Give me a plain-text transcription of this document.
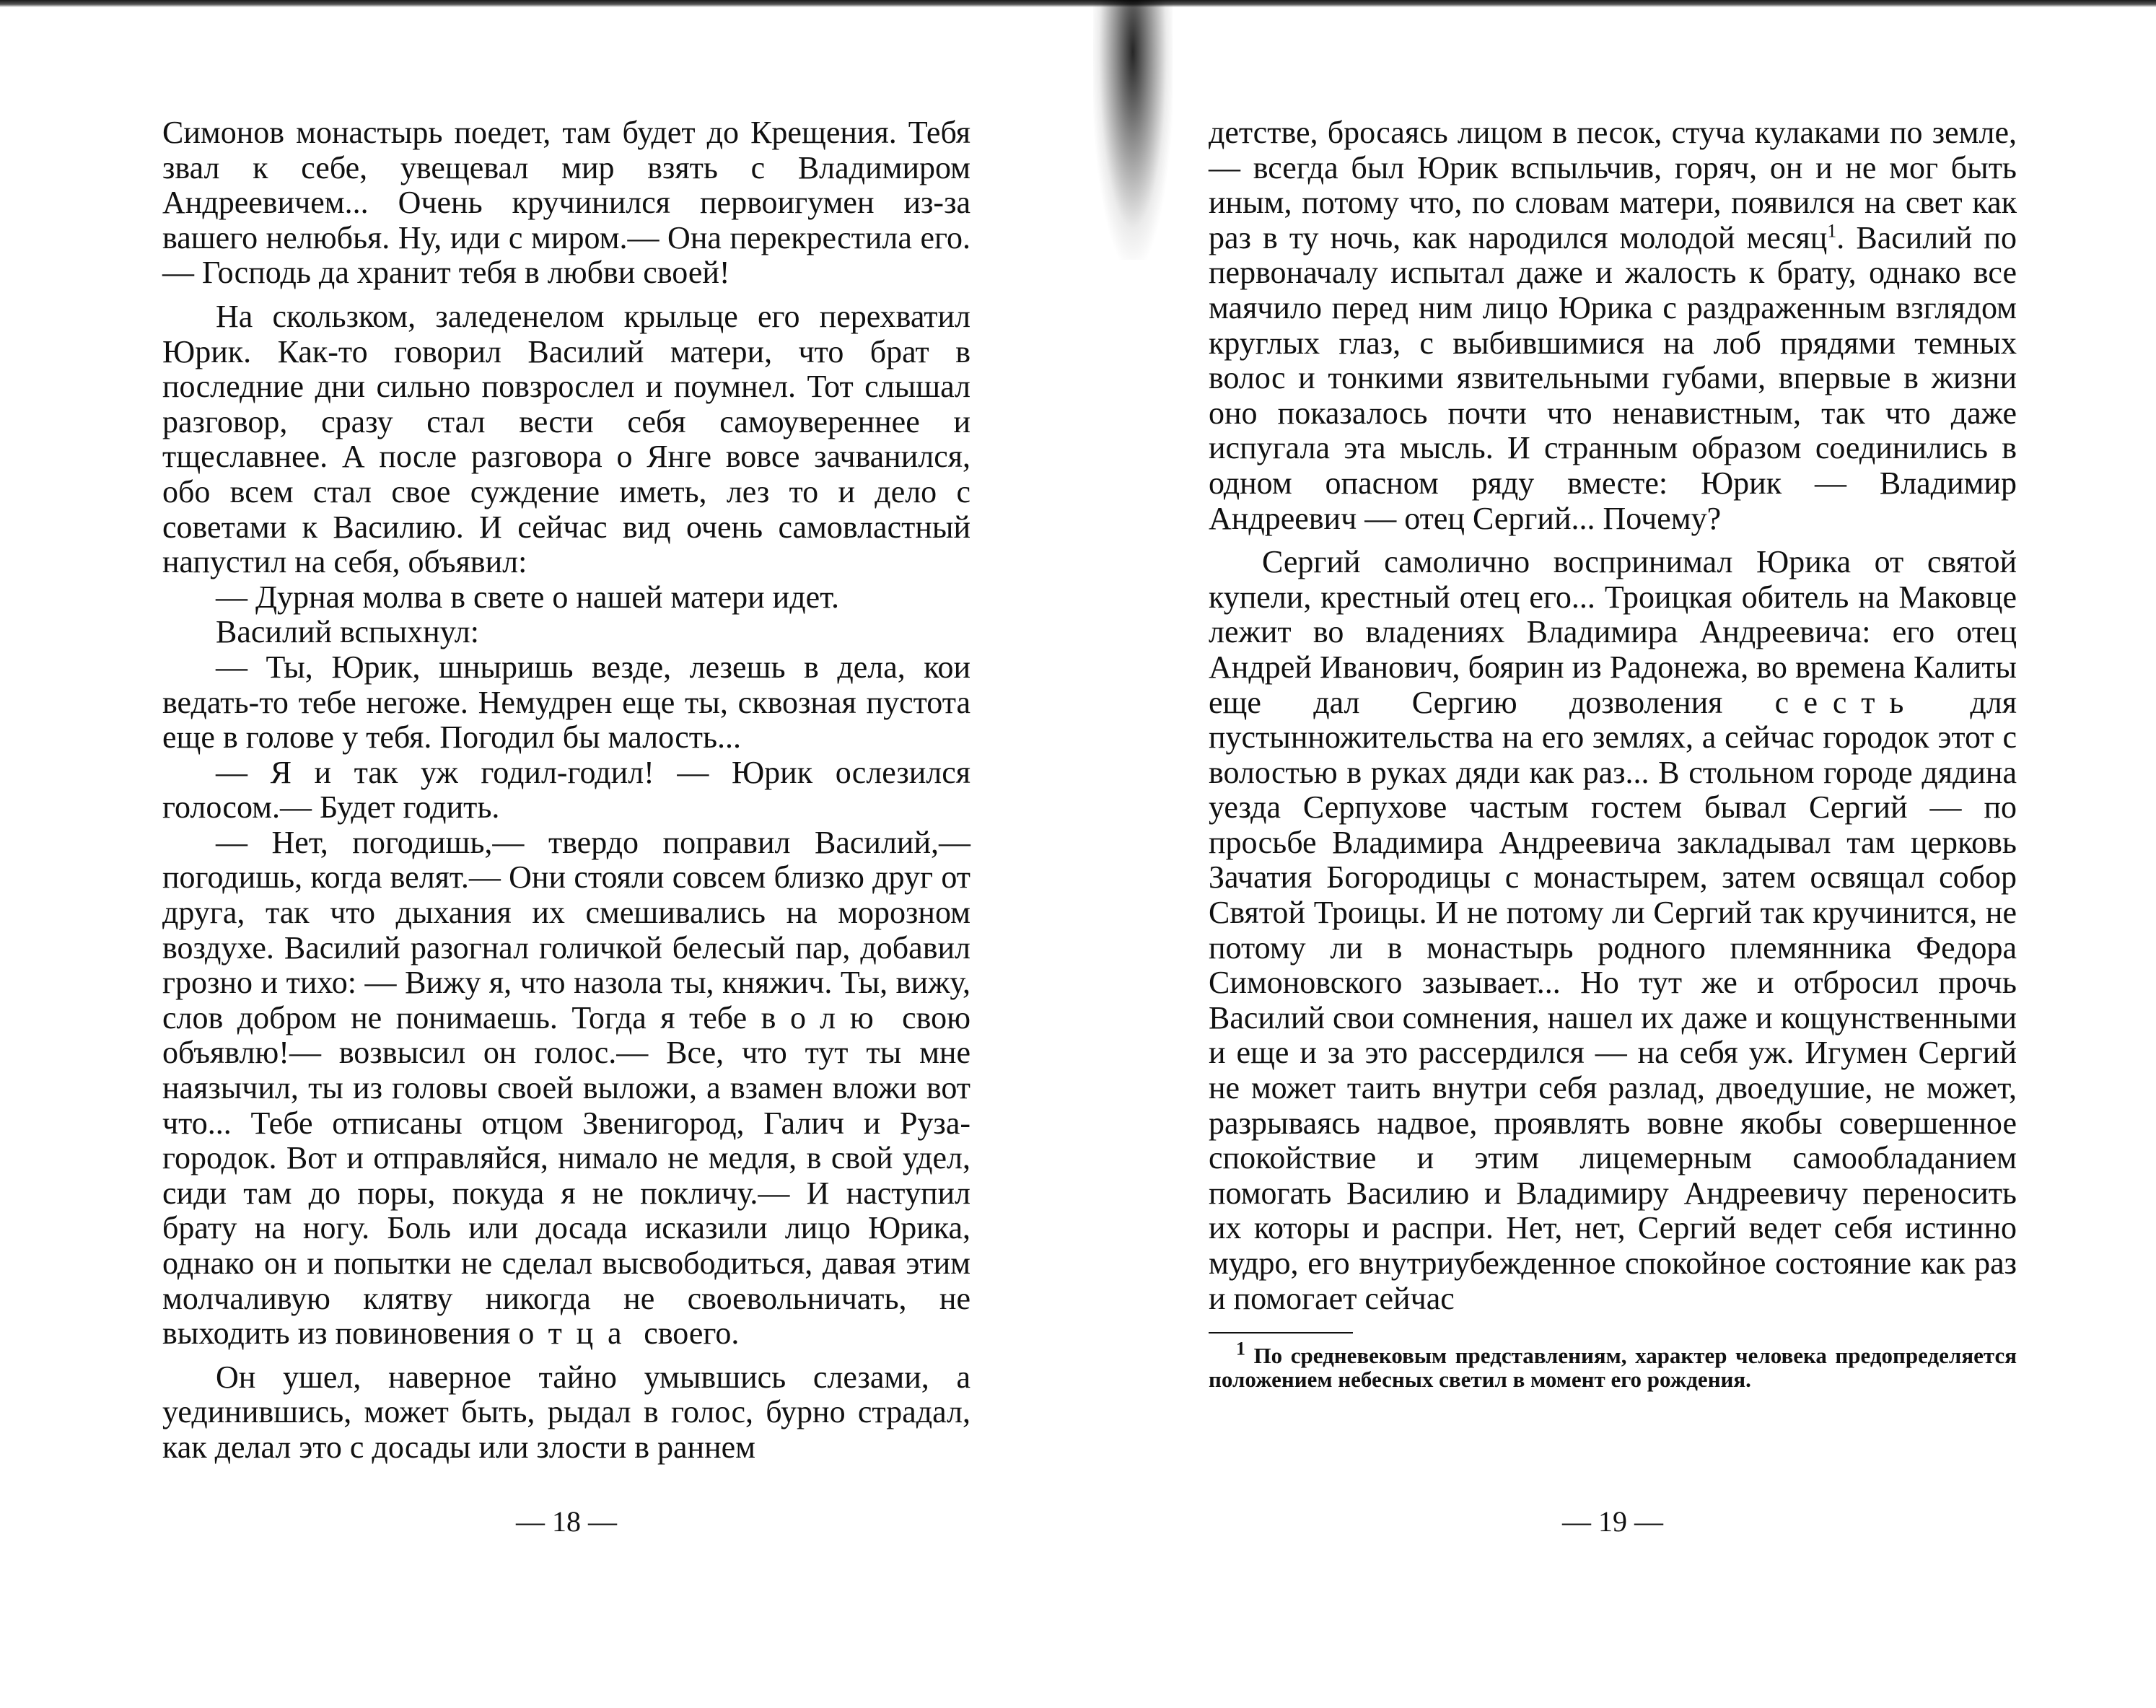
Симонов монастырь поедет, там будет до Крещения. Тебя звал к себе, увещевал мир взять с Владимиром Андреевичем... Очень кручинился первоигумен из-за вашего нелюбья. Ну, иди с миром.— Она перекрестила его.— Господь да хранит тебя в любви своей!

На скользком, заледенелом крыльце его перехватил Юрик. Как-то говорил Василий матери, что брат в последние дни сильно повзрослел и поумнел. Тот слышал разговор, сразу стал вести себя самоувереннее и тщеславнее. А после разговора о Янге вовсе зачванился, обо всем стал свое суждение иметь, лез то и дело с советами к Василию. И сейчас вид очень самовластный напустил на себя, объявил:

— Дурная молва в свете о нашей матери идет.

Василий вспыхнул:

— Ты, Юрик, шныришь везде, лезешь в дела, кои ведать-то тебе негоже. Немудрен еще ты, сквозная пустота еще в голове у тебя. Погодил бы малость...

— Я и так уж годил-годил! — Юрик ослезился голосом.— Будет годить.

— Нет, погодишь,— твердо поправил Василий,— погодишь, когда велят.— Они стояли совсем близко друг от друга, так что дыхания их смешивались на морозном воздухе. Василий разогнал голичкой белесый пар, добавил грозно и тихо: — Вижу я, что назола ты, княжич. Ты, вижу, слов добром не понимаешь. Тогда я тебе волю свою объявлю!— возвысил он голос.— Все, что тут ты мне наязычил, ты из головы своей выложи, а взамен вложи вот что... Тебе отписаны отцом Звенигород, Галич и Руза-городок. Вот и отправляйся, нимало не медля, в свой удел, сиди там до поры, покуда я не покличу.— И наступил брату на ногу. Боль или досада исказили лицо Юрика, однако он и попытки не сделал высвободиться, давая этим молчаливую клятву никогда не своевольничать, не выходить из повиновения отца своего.

Он ушел, наверное тайно умывшись слезами, а уединившись, может быть, рыдал в голос, бурно страдал, как делал это с досады или злости в раннем

— 18 —

детстве, бросаясь лицом в песок, стуча кулаками по земле,— всегда был Юрик вспыльчив, горяч, он и не мог быть иным, потому что, по словам матери, появился на свет как раз в ту ночь, как народился молодой месяц$^1$. Василий по первоначалу испытал даже и жалость к брату, однако все маячило перед ним лицо Юрика с раздраженным взглядом круглых глаз, с выбившимися на лоб прядями темных волос и тонкими язвительными губами, впервые в жизни оно показалось почти что ненавистным, так что даже испугала эта мысль. И странным образом соединились в одном опасном ряду вместе: Юрик — Владимир Андреевич — отец Сергий... Почему?

Сергий самолично воспринимал Юрика от святой купели, крестный отец его... Троицкая обитель на Маковце лежит во владениях Владимира Андреевича: его отец Андрей Иванович, боярин из Радонежа, во времена Калиты еще дал Сергию дозволения сесть для пустынножительства на его землях, а сейчас городок этот с волостью в руках дяди как раз... В стольном городе дядина уезда Серпухове частым гостем бывал Сергий — по просьбе Владимира Андреевича закладывал там церковь Зачатия Богородицы с монастырем, затем освящал собор Святой Троицы. И не потому ли Сергий так кручинится, не потому ли в монастырь родного племянника Федора Симоновского зазывает... Но тут же и отбросил прочь Василий свои сомнения, нашел их даже и кощунственными и еще и за это рассердился — на себя уж. Игумен Сергий не может таить внутри себя разлад, двоедушие, не может, разрываясь надвое, проявлять вовне якобы совершенное спокойствие и этим лицемерным самообладанием помогать Василию и Владимиру Андреевичу переносить их которы и распри. Нет, нет, Сергий ведет себя истинно мудро, его внутриубежденное спокойное состояние как раз и помогает сейчас

$^1$ По средневековым представлениям, характер человека предопределяется положением небесных светил в момент его рождения.

— 19 —
